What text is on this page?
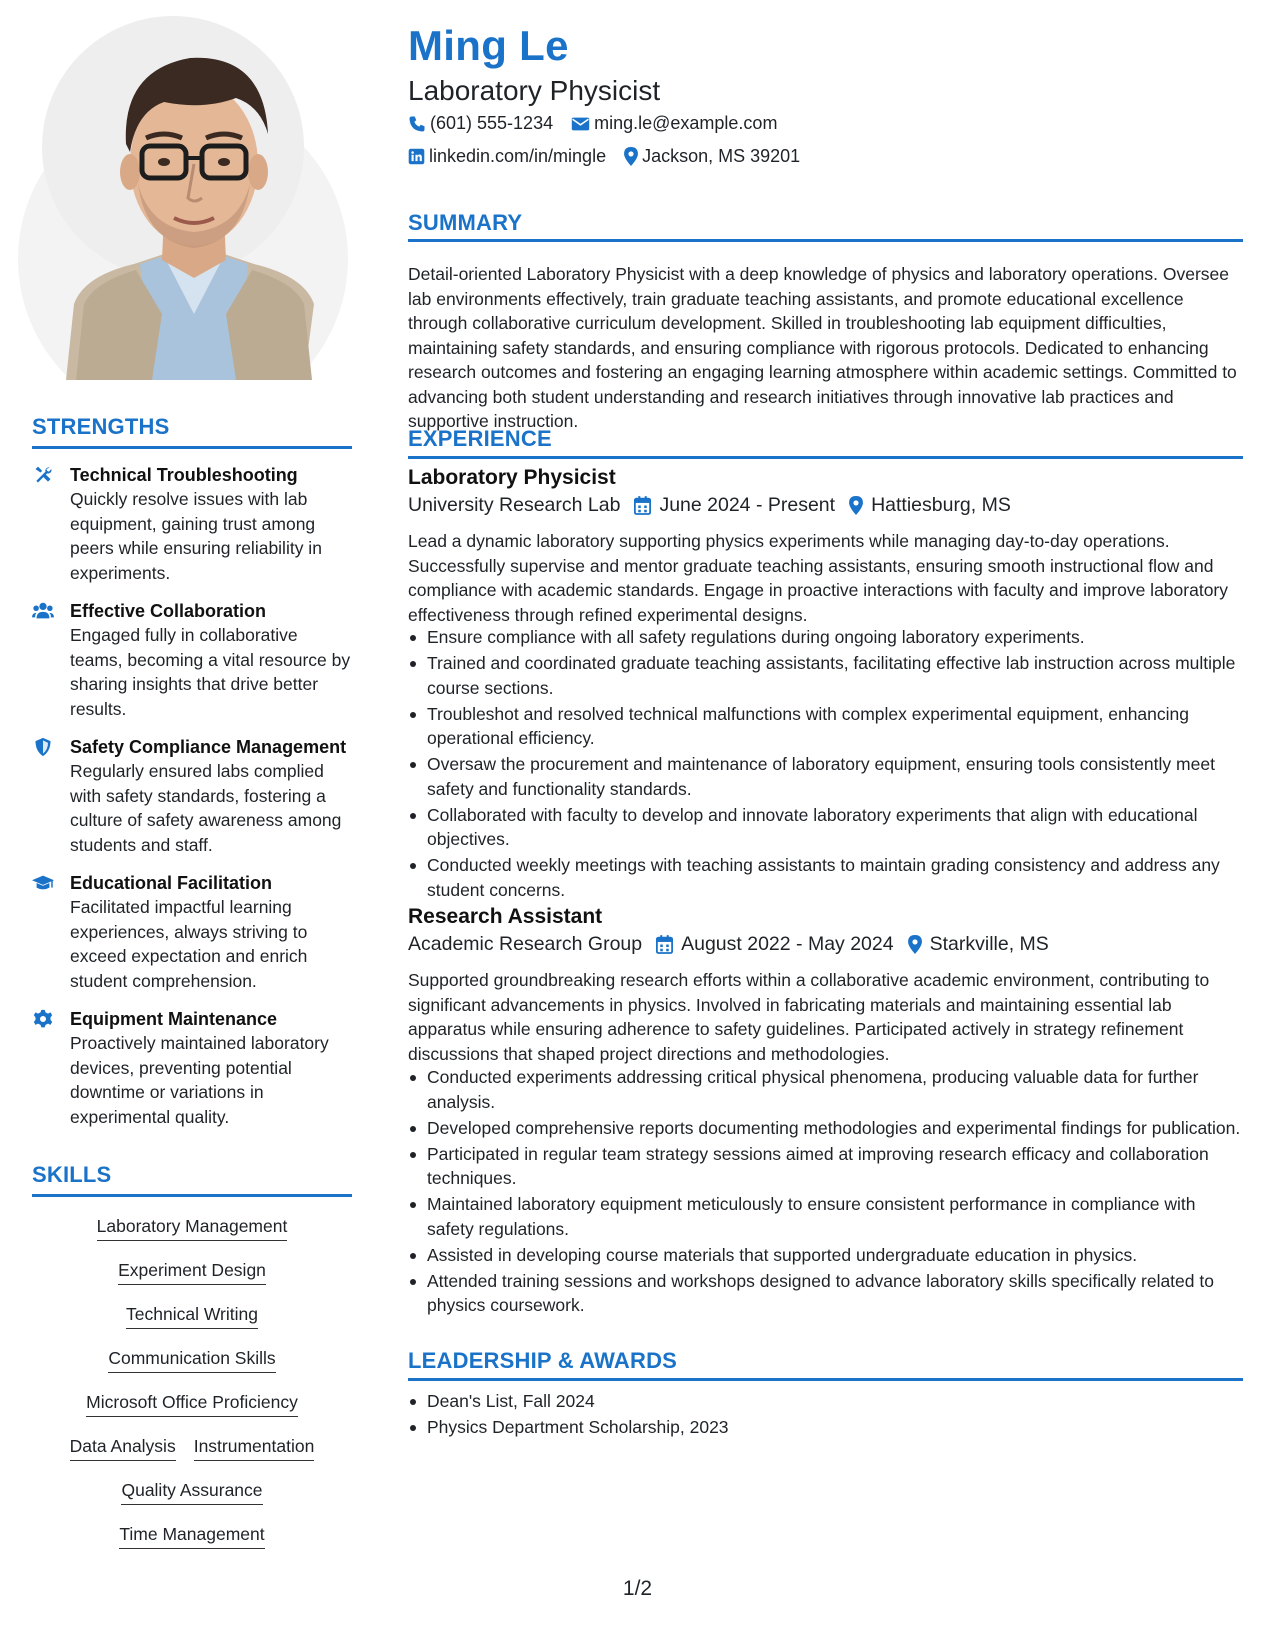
STRENGTHS
Technical Troubleshooting
Quickly resolve issues with lab equipment, gaining trust among peers while ensuring reliability in experiments.
Effective Collaboration
Engaged fully in collaborative teams, becoming a vital resource by sharing insights that drive better results.
Safety Compliance Management
Regularly ensured labs complied with safety standards, fostering a culture of safety awareness among students and staff.
Educational Facilitation
Facilitated impactful learning experiences, always striving to exceed expectation and enrich student comprehension.
Equipment Maintenance
Proactively maintained laboratory devices, preventing potential downtime or variations in experimental quality.
SKILLS
Laboratory Management
Experiment Design
Technical Writing
Communication Skills
Microsoft Office Proficiency
Data Analysis Instrumentation
Quality Assurance
Time Management
Ming Le
Laboratory Physicist
(601) 555-1234 ming.le@example.com
linkedin.com/in/mingle Jackson, MS 39201
SUMMARY
Detail-oriented Laboratory Physicist with a deep knowledge of physics and laboratory operations. Oversee lab environments effectively, train graduate teaching assistants, and promote educational excellence through collaborative curriculum development. Skilled in troubleshooting lab equipment difficulties, maintaining safety standards, and ensuring compliance with rigorous protocols. Dedicated to enhancing research outcomes and fostering an engaging learning atmosphere within academic settings. Committed to advancing both student understanding and research initiatives through innovative lab practices and supportive instruction.
EXPERIENCE
Laboratory Physicist
University Research Lab June 2024 - Present Hattiesburg, MS
Lead a dynamic laboratory supporting physics experiments while managing day-to-day operations. Successfully supervise and mentor graduate teaching assistants, ensuring smooth instructional flow and compliance with academic standards. Engage in proactive interactions with faculty and improve laboratory effectiveness through refined experimental designs.
Ensure compliance with all safety regulations during ongoing laboratory experiments.
Trained and coordinated graduate teaching assistants, facilitating effective lab instruction across multiple course sections.
Troubleshot and resolved technical malfunctions with complex experimental equipment, enhancing operational efficiency.
Oversaw the procurement and maintenance of laboratory equipment, ensuring tools consistently meet safety and functionality standards.
Collaborated with faculty to develop and innovate laboratory experiments that align with educational objectives.
Conducted weekly meetings with teaching assistants to maintain grading consistency and address any student concerns.
Research Assistant
Academic Research Group August 2022 - May 2024 Starkville, MS
Supported groundbreaking research efforts within a collaborative academic environment, contributing to significant advancements in physics. Involved in fabricating materials and maintaining essential lab apparatus while ensuring adherence to safety guidelines. Participated actively in strategy refinement discussions that shaped project directions and methodologies.
Conducted experiments addressing critical physical phenomena, producing valuable data for further analysis.
Developed comprehensive reports documenting methodologies and experimental findings for publication.
Participated in regular team strategy sessions aimed at improving research efficacy and collaboration techniques.
Maintained laboratory equipment meticulously to ensure consistent performance in compliance with safety regulations.
Assisted in developing course materials that supported undergraduate education in physics.
Attended training sessions and workshops designed to advance laboratory skills specifically related to physics coursework.
LEADERSHIP & AWARDS
Dean's List, Fall 2024
Physics Department Scholarship, 2023
1/2
